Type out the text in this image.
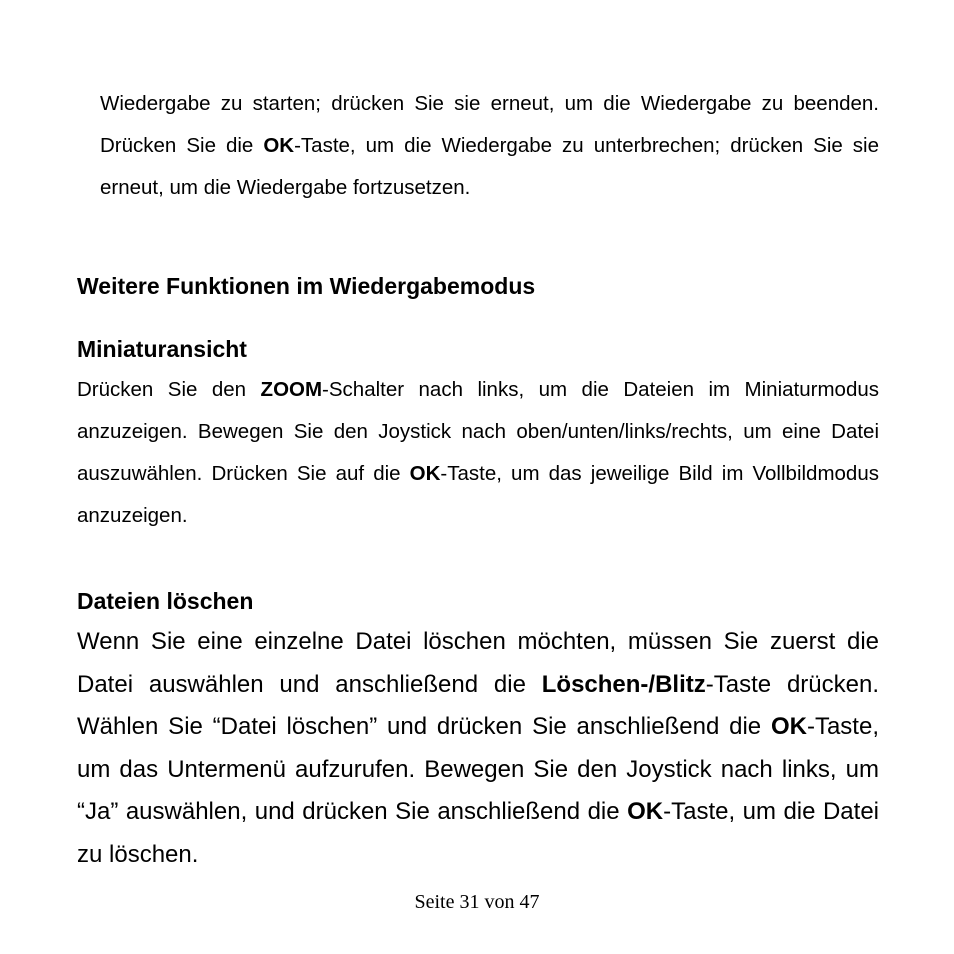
Wiedergabe zu starten; drücken Sie sie erneut, um die Wiedergabe zu beenden. Drücken Sie die OK-Taste, um die Wiedergabe zu unterbrechen; drücken Sie sie erneut, um die Wiedergabe fortzusetzen.

Weitere Funktionen im Wiedergabemodus
Miniaturansicht

Drücken Sie den ZOOM-Schalter nach links, um die Dateien im Miniaturmodus anzuzeigen. Bewegen Sie den Joystick nach oben/unten/links/rechts, um eine Datei auszuwählen. Drücken Sie auf die OK-Taste, um das jeweilige Bild im Vollbildmodus anzuzeigen.

Dateien löschen

Wenn Sie eine einzelne Datei löschen möchten, müssen Sie zuerst die Datei auswählen und anschließend die Löschen-/Blitz-Taste drücken. Wählen Sie “Datei löschen” und drücken Sie anschließend die OK-Taste, um das Untermenü aufzurufen. Bewegen Sie den Joystick nach links, um “Ja” auswählen, und drücken Sie anschließend die OK-Taste, um die Datei zu löschen.

Seite 31 von 47
